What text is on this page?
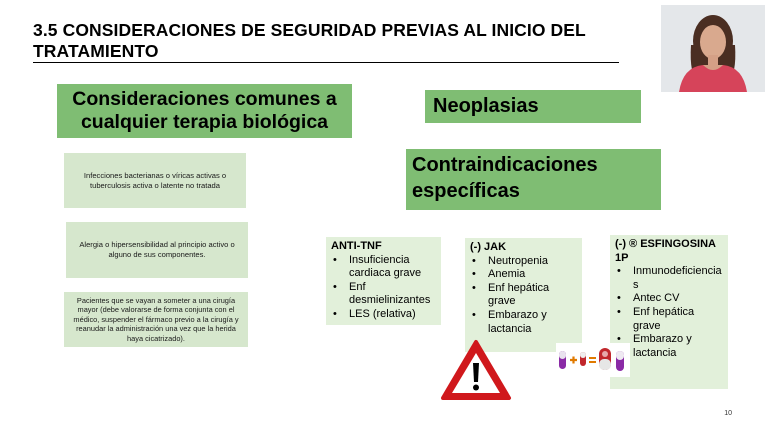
3.5 CONSIDERACIONES DE SEGURIDAD PREVIAS AL INICIO DEL TRATAMIENTO
Consideraciones comunes a cualquier terapia biológica
Infecciones bacterianas o víricas activas o tuberculosis activa o latente no tratada
Alergia o hipersensibilidad al principio activo o alguno de sus componentes.
Pacientes que se vayan a someter a una cirugía mayor (debe valorarse de forma conjunta con el médico, suspender el fármaco previo a la cirugía y reanudar la administración una vez que la herida haya cicatrizado).
Neoplasias
Contraindicaciones específicas
ANTI-TNF
• Insuficiencia cardiaca grave
• Enf desmielinizantes
• LES (relativa)
(-) JAK
• Neutropenia
• Anemia
• Enf hepática grave
• Embarazo y lactancia
(-) ® ESFINGOSINA 1P
• Inmunodeficiencias
• Antec CV
• Enf hepática grave
• Embarazo y lactancia
10
